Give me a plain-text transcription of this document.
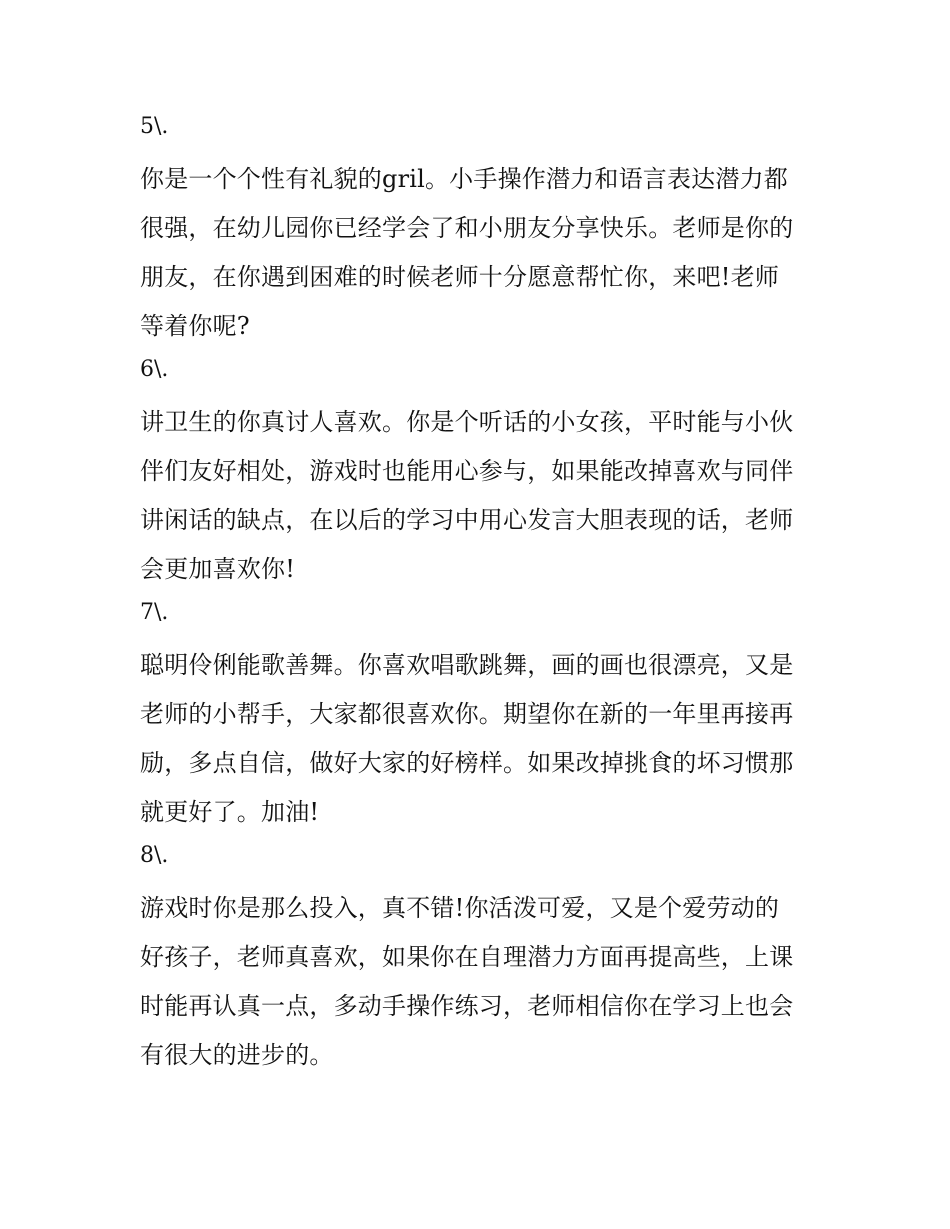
5\.

你是一个个性有礼貌的gril。小手操作潜力和语言表达潜力都
很强，在幼儿园你已经学会了和小朋友分享快乐。老师是你的
朋友，在你遇到困难的时候老师十分愿意帮忙你，来吧!老师
等着你呢?

6\.

讲卫生的你真讨人喜欢。你是个听话的小女孩，平时能与小伙
伴们友好相处，游戏时也能用心参与，如果能改掉喜欢与同伴
讲闲话的缺点，在以后的学习中用心发言大胆表现的话，老师
会更加喜欢你!

7\.

聪明伶俐能歌善舞。你喜欢唱歌跳舞，画的画也很漂亮，又是
老师的小帮手，大家都很喜欢你。期望你在新的一年里再接再
励，多点自信，做好大家的好榜样。如果改掉挑食的坏习惯那
就更好了。加油!

8\.

游戏时你是那么投入，真不错!你活泼可爱，又是个爱劳动的
好孩子，老师真喜欢，如果你在自理潜力方面再提高些，上课
时能再认真一点，多动手操作练习，老师相信你在学习上也会
有很大的进步的。
